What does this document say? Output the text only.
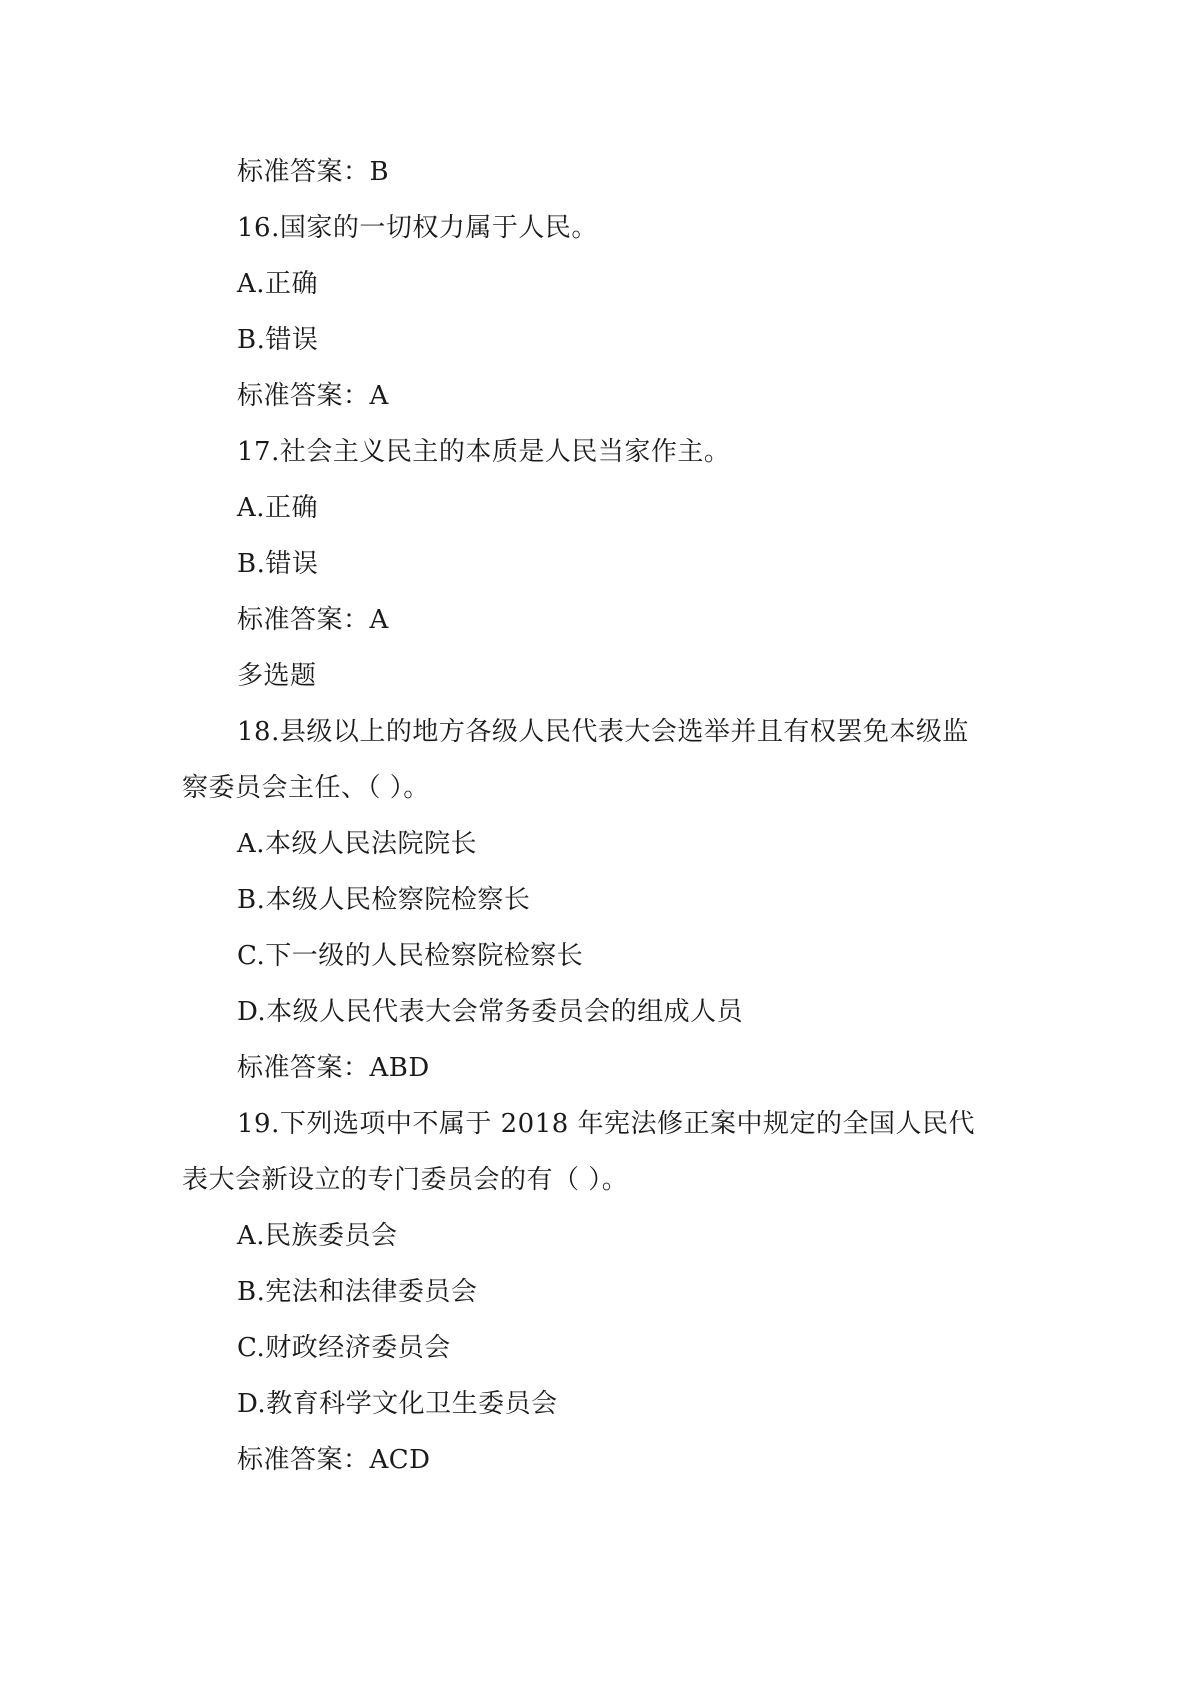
标准答案：B
16.国家的一切权力属于人民。
A.正确
B.错误
标准答案：A
17.社会主义民主的本质是人民当家作主。
A.正确
B.错误
标准答案：A
多选题
18.县级以上的地方各级人民代表大会选举并且有权罢免本级监
察委员会主任、（ ）。
A.本级人民法院院长
B.本级人民检察院检察长
C.下一级的人民检察院检察长
D.本级人民代表大会常务委员会的组成人员
标准答案：ABD
19.下列选项中不属于 2018 年宪法修正案中规定的全国人民代
表大会新设立的专门委员会的有（ ）。
A.民族委员会
B.宪法和法律委员会
C.财政经济委员会
D.教育科学文化卫生委员会
标准答案：ACD
